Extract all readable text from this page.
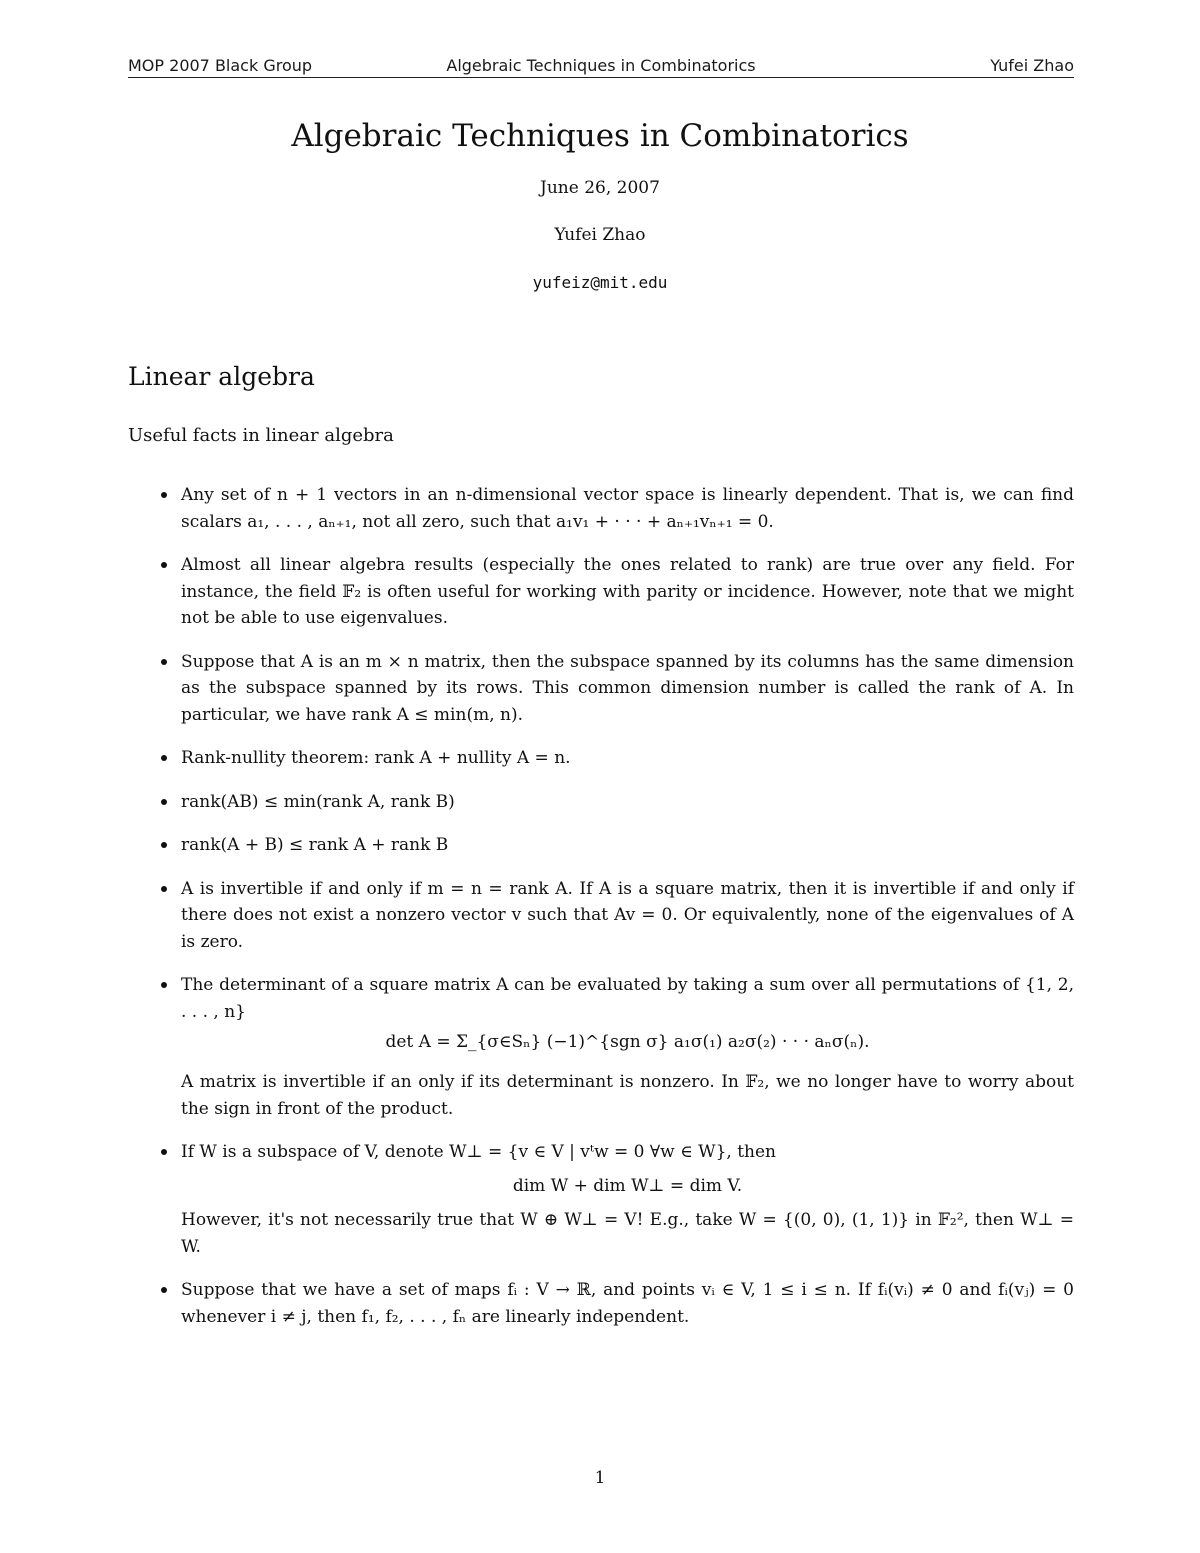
MOP 2007 Black Group	Algebraic Techniques in Combinatorics	Yufei Zhao
Algebraic Techniques in Combinatorics
June 26, 2007
Yufei Zhao
yufeiz@mit.edu
Linear algebra
Useful facts in linear algebra

Any set of n + 1 vectors in an n-dimensional vector space is linearly dependent. That is, we can find scalars a₁, . . . , aₙ₊₁, not all zero, such that a₁v₁ + · · · + aₙ₊₁vₙ₊₁ = 0.

Almost all linear algebra results (especially the ones related to rank) are true over any field. For instance, the field 𝔽₂ is often useful for working with parity or incidence. However, note that we might not be able to use eigenvalues.

Suppose that A is an m × n matrix, then the subspace spanned by its columns has the same dimension as the subspace spanned by its rows. This common dimension number is called the rank of A. In particular, we have rank A ≤ min(m, n).

Rank-nullity theorem: rank A + nullity A = n.

rank(AB) ≤ min(rank A, rank B)

rank(A + B) ≤ rank A + rank B

A is invertible if and only if m = n = rank A. If A is a square matrix, then it is invertible if and only if there does not exist a nonzero vector v such that Av = 0. Or equivalently, none of the eigenvalues of A is zero.

The determinant of a square matrix A can be evaluated by taking a sum over all permutations of {1, 2, . . . , n}

det A = Σ_{σ∈Sₙ} (−1)^{sgn σ} a₁σ(₁) a₂σ(₂) · · · aₙσ(ₙ).

A matrix is invertible if an only if its determinant is nonzero. In 𝔽₂, we no longer have to worry about the sign in front of the product.

If W is a subspace of V, denote W⊥ = {v ∈ V | vᵗw = 0 ∀w ∈ W}, then

dim W + dim W⊥ = dim V.

However, it's not necessarily true that W ⊕ W⊥ = V! E.g., take W = {(0, 0), (1, 1)} in 𝔽₂², then W⊥ = W.

Suppose that we have a set of maps fᵢ : V → ℝ, and points vᵢ ∈ V, 1 ≤ i ≤ n. If fᵢ(vᵢ) ≠ 0 and fᵢ(vⱼ) = 0 whenever i ≠ j, then f₁, f₂, . . . , fₙ are linearly independent.

1
